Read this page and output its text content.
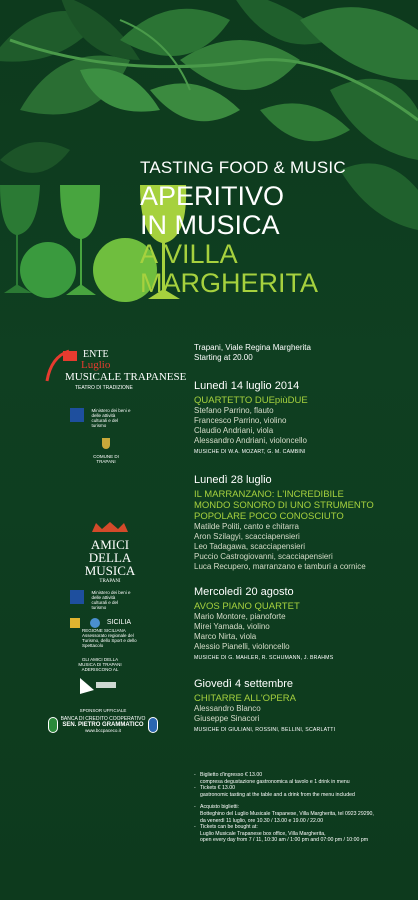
TASTING FOOD & MUSIC
APERITIVO
IN MUSICA
A VILLA
MARGHERITA
ENTE
Luglio
MUSICALE TRAPANESE
TEATRO DI TRADIZIONE
Ministero dei beni e delle attività culturali e del turismo
COMUNE DI TRAPANI
AMICI
DELLA
MUSICA
TRAPANI
Ministero dei beni e delle attività culturali e del turismo
SICILIA
REGIONE SICILIANA Assessorato regionale del Turismo, dello Sport e dello Spettacolo
GLI AMICI DELLA MUSICA DI TRAPANI ADERISCONO AL
SPONSOR UFFICIALE
BANCA DI CREDITO COOPERATIVO
SEN. PIETRO GRAMMATICO
www.bccpaceco.it
Trapani, Viale Regina Margherita
Starting at 20.00
Lunedì 14 luglio 2014
QUARTETTO DUEpiùDUE
Stefano Parrino, flauto
Francesco Parrino, violino
Claudio Andriani, viola
Alessandro Andriani, violoncello
MUSICHE DI W.A. MOZART, G. M. CAMBINI
Lunedì 28 luglio
IL MARRANZANO: L'INCREDIBILE
MONDO SONORO DI UNO STRUMENTO
POPOLARE POCO CONOSCIUTO
Matilde Politi, canto e chitarra
Aron Szilagyi, scacciapensieri
Leo Tadagawa, scacciapensieri
Puccio Castrogiovanni, scacciapensieri
Luca Recupero, marranzano e tamburi a cornice
Mercoledì 20 agosto
AVOS PIANO QUARTET
Mario Montore, pianoforte
Mirei Yamada, violino
Marco Nirta, viola
Alessio Pianelli, violoncello
MUSICHE DI G. MAHLER, R. SCHUMANN, J. BRAHMS
Giovedì 4 settembre
CHITARRE ALL'OPERA
Alessandro Blanco
Giuseppe Sinacori
MUSICHE DI GIULIANI, ROSSINI, BELLINI, SCARLATTI
- Biglietto d'ingresso € 13.00
compresa degustazione gastronomica al tavolo e 1 drink in menu
- Tickets € 13.00
gastronomic tasting at the table and a drink from the menu included
- Acquisto biglietti:
Botteghino del Luglio Musicale Trapanese, Villa Margherita, tel 0923 29290,
da venerdì 11 luglio, ore 10.30 / 13.00 e 19.00 / 22.00
- Tickets can be bought at:
Luglio Musicale Trapanese box office, Villa Margherita,
open every day from 7 / 11, 10:30 am / 1:00 pm and 07:00 pm / 10:00 pm
